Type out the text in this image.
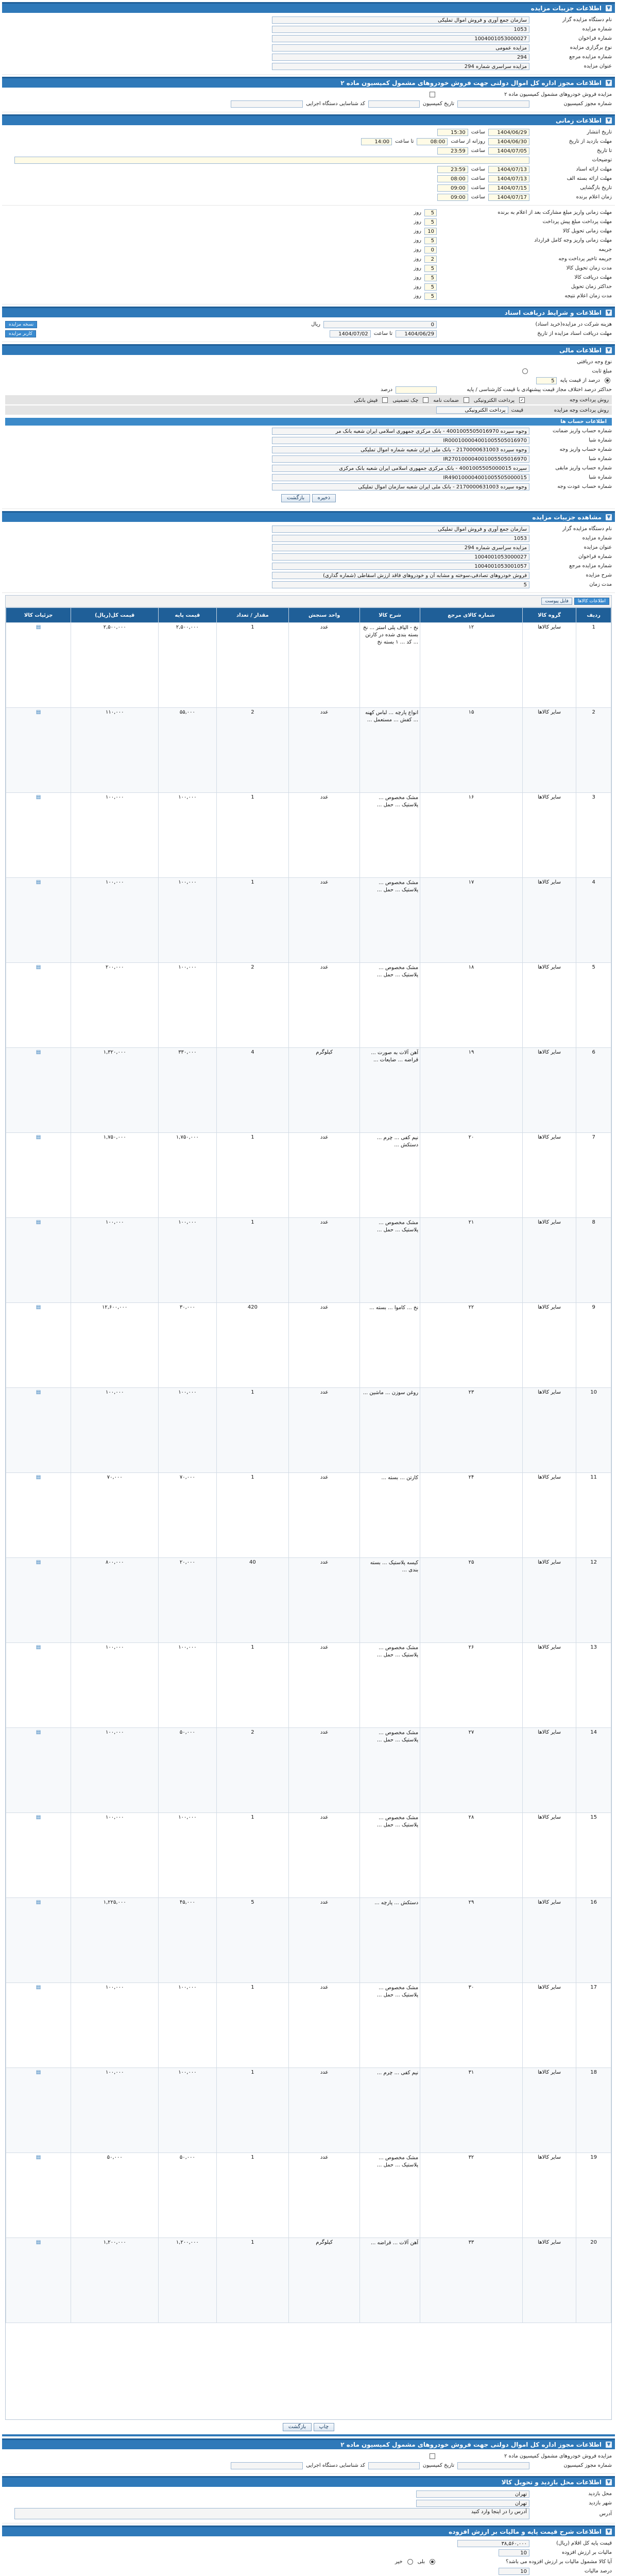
▼
اطلاعات جزییات مزایده
نام دستگاه مزایده گزار
سازمان جمع آوری و فروش اموال تملیکی
شماره مزایده
1053
شماره فراخوان
1004001053000027
نوع برگزاری مزایده
مزایده عمومی
شماره مزایده مرجع
294
عنوان مزایده
مزایده سراسری شماره 294
▼
اطلاعات مجوز اداره کل اموال دولتی جهت فروش خودروهای مشمول کمیسیون ماده ۲
مزایده فروش خودروهای مشمول کمیسیون ماده ۲
شماره مجوز کمیسیون
تاریخ کمیسیون
کد شناسایی دستگاه اجرایی
▼
اطلاعات زمانی
تاریخ انتشار
1404/06/29
ساعت
15:30
مهلت بازدید از تاریخ
1404/06/30
روزانه از ساعت
08:00
تا ساعت
14:00
تا تاریخ
1404/07/05
ساعت
23:59
توضیحات
مهلت ارائه اسناد
1404/07/13
ساعت
23:59
مهلت ارائه بسته الف
1404/07/13
ساعت
08:00
تاریخ بازگشایی
1404/07/15
ساعت
09:00
زمان اعلام برنده
1404/07/17
ساعت
09:00
مهلت زمانی واریز مبلغ مشارکت بعد از اعلام به برنده
5
روز
مهلت پرداخت مبلغ پیش پرداخت
5
روز
مهلت زمانی تحویل کالا
10
روز
مهلت زمانی واریز وجه کامل قرارداد
5
روز
جریمه
0
روز
جریمه تاخیر پرداخت وجه
2
روز
مدت زمان تحویل کالا
5
روز
مهلت دریافت کالا
5
روز
حداکثر زمان تحویل
5
روز
مدت زمان اعلام نتیجه
5
روز
▼
اطلاعات و شرایط دریافت اسناد
هزینه شرکت در مزایده(خرید اسناد)
0
ریال
نسخه مزایده
مهلت دریافت اسناد مزایده از تاریخ
1404/06/29
تا ساعت
1404/07/02
کاربر مزایده
▼
اطلاعات مالی
نوع وجه دریافتی
مبلغ ثابت
درصد از قیمت پایه
5
حداکثر درصد اختلاف مجاز قیمت پیشنهادی با قیمت کارشناسی / پایه
درصد
روش پرداخت وجه
✓پرداخت الکترونیکیضمانت نامهچک تضمینیفیش بانکی
روش پرداخت وجه مزایده
قیمت
پرداخت الکترونیکی
اطلاعات حساب ها
شماره حساب واریز ضمانت
وجوه سپرده 4001005505016970 - بانک مرکزی جمهوری اسلامی ایران شعبه بانک مر
شماره شبا
IR000100004001005505016970
شماره حساب واریز وجه
وجوه سپرده 2170000631003 - بانک ملی ایران شعبه شماره اموال تملیکی
شماره شبا
IR270100004001005505016970
شماره حساب واریز مابقی
سپرده 4001005505000015 - بانک مرکزی جمهوری اسلامی ایران شعبه بانک مرکزی
شماره شبا
IR490100004001005505000015
شماره حساب عودت وجه
وجوه سپرده 2170000631003 - بانک ملی ایران شعبه سازمان اموال تملیکی
ذخیره بازگشت
▼
مشاهده جزییات مزایده
نام دستگاه مزایده گزار
سازمان جمع آوری و فروش اموال تملیکی
شماره مزایده
1053
عنوان مزایده
مزایده سراسری شماره 294
شماره فراخوان
1004001053000027
شماره مزایده مرجع
1004001053001057
شرح مزایده
فروش خودروهای تصادفی،سوخته و مشابه آن و خودروهای فاقد ارزش اسقاطی (شماره گذاری)
مدت زمان
5
اطلاعات کالاها
فایل پیوست
ردیف	گروه کالا	شماره کالای مرجع	شرح کالا	واحد سنجش	مقدار / تعداد	قیمت پایه	قیمت کل(ریال)	جزئیات کالا
1	سایر کالاها	۱۲	نخ - الیاف پلی استر ... نخ بسته بندی شده در کارتن ... کد ... ۱ بسته نخ	عدد	1	۲,۵۰۰,۰۰۰	۲,۵۰۰,۰۰۰	▤
2	سایر کالاها	۱۵	انواع پارچه ... لباس کهنه ... کفش ... مستعمل ...	عدد	2	۵۵,۰۰۰	۱۱۰,۰۰۰	▤
3	سایر کالاها	۱۶	مشک مخصوص ... پلاستیک ... حمل ...	عدد	1	۱۰۰,۰۰۰	۱۰۰,۰۰۰	▤
4	سایر کالاها	۱۷	مشک مخصوص ... پلاستیک ... حمل ...	عدد	1	۱۰۰,۰۰۰	۱۰۰,۰۰۰	▤
5	سایر کالاها	۱۸	مشک مخصوص ... پلاستیک ... حمل ...	عدد	2	۱۰۰,۰۰۰	۲۰۰,۰۰۰	▤
6	سایر کالاها	۱۹	آهن آلات به صورت ... قراضه ... ضایعات ...	کیلوگرم	4	۳۳۰,۰۰۰	۱,۳۲۰,۰۰۰	▤
7	سایر کالاها	۲۰	نیم کفی ... چرم ... دستکش ...	عدد	1	۱,۷۵۰,۰۰۰	۱,۷۵۰,۰۰۰	▤
8	سایر کالاها	۲۱	مشک مخصوص ... پلاستیک ... حمل ...	عدد	1	۱۰۰,۰۰۰	۱۰۰,۰۰۰	▤
9	سایر کالاها	۲۲	نخ ... کاموا ... بسته ...	عدد	420	۳۰,۰۰۰	۱۲,۶۰۰,۰۰۰	▤
10	سایر کالاها	۲۳	روغن سوزن ... ماشین ...	عدد	1	۱۰۰,۰۰۰	۱۰۰,۰۰۰	▤
11	سایر کالاها	۲۴	کارتن ... بسته ...	عدد	1	۷۰,۰۰۰	۷۰,۰۰۰	▤
12	سایر کالاها	۲۵	کیسه پلاستیک ... بسته بندی ...	عدد	40	۲۰,۰۰۰	۸۰۰,۰۰۰	▤
13	سایر کالاها	۲۶	مشک مخصوص ... پلاستیک ... حمل ...	عدد	1	۱۰۰,۰۰۰	۱۰۰,۰۰۰	▤
14	سایر کالاها	۲۷	مشک مخصوص ... پلاستیک ... حمل ...	عدد	2	۵۰,۰۰۰	۱۰۰,۰۰۰	▤
15	سایر کالاها	۲۸	مشک مخصوص ... پلاستیک ... حمل ...	عدد	1	۱۰۰,۰۰۰	۱۰۰,۰۰۰	▤
16	سایر کالاها	۲۹	دستکش ... پارچه ...	عدد	5	۴۵,۰۰۰	۱,۲۲۵,۰۰۰	▤
17	سایر کالاها	۳۰	مشک مخصوص ... پلاستیک ... حمل ...	عدد	1	۱۰۰,۰۰۰	۱۰۰,۰۰۰	▤
18	سایر کالاها	۳۱	نیم کفی ... چرم ...	عدد	1	۱۰۰,۰۰۰	۱۰۰,۰۰۰	▤
19	سایر کالاها	۳۲	مشک مخصوص ... پلاستیک ... حمل ...	عدد	1	۵۰,۰۰۰	۵۰,۰۰۰	▤
20	سایر کالاها	۳۳	آهن آلات ... قراضه ...	کیلوگرم	1	۱,۲۰۰,۰۰۰	۱,۲۰۰,۰۰۰	▤
چاپ بازگشت
▼
اطلاعات مجوز اداره کل اموال دولتی جهت فروش خودروهای مشمول کمیسیون ماده ۲
مزایده فروش خودروهای مشمول کمیسیون ماده ۲
شماره مجوز کمیسیون
تاریخ کمیسیون
کد شناسایی دستگاه اجرایی
▼
اطلاعات محل بازدید و تحویل کالا
محل بازدید
تهران
شهر بازدید
تهران
آدرس
آدرس را در اینجا وارد کنید
▼
اطلاعات شرح قیمت پایه و مالیات بر ارزش افزوده
قیمت پایه کل اقلام (ریال)
۳۸,۵۶۰,۰۰۰
مالیات بر ارزش افزوده
10
آیا کالا مشمول مالیات بر ارزش افزوده می باشد؟
بلی
خیر
درصد مالیات
10
